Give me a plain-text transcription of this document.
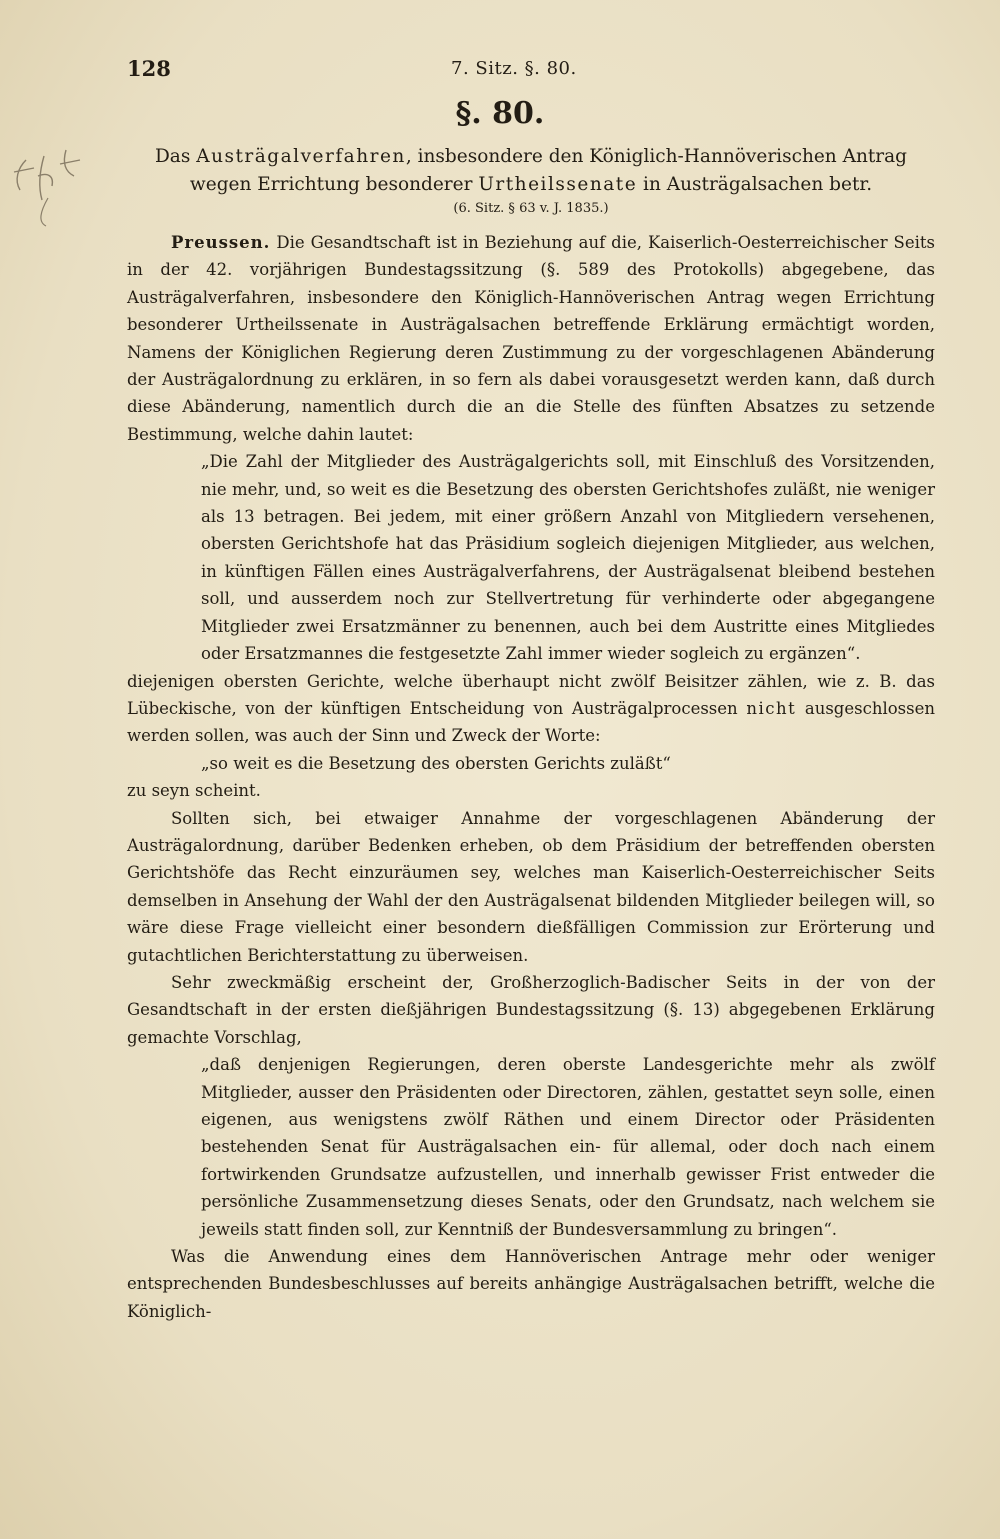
128	7. Sitz. §. 80.
§. 80.
Das Austrägalverfahren, insbesondere den Königlich-Hannöverischen Antrag wegen Errichtung besonderer Urtheilssenate in Austrägalsachen betr.
(6. Sitz. § 63 v. J. 1835.)

Preussen. Die Gesandtschaft ist in Beziehung auf die, Kaiserlich-Oesterreichischer Seits in der 42. vorjährigen Bundestagssitzung (§. 589 des Protokolls) abgegebene, das Austrägalverfahren, insbesondere den Königlich-Hannöverischen Antrag wegen Errichtung besonderer Urtheilssenate in Austrägalsachen betreffende Erklärung ermächtigt worden, Namens der Königlichen Regierung deren Zustimmung zu der vorgeschlagenen Abänderung der Austrägalordnung zu erklären, in so fern als dabei vorausgesetzt werden kann, daß durch diese Abänderung, namentlich durch die an die Stelle des fünften Absatzes zu setzende Bestimmung, welche dahin lautet:

„Die Zahl der Mitglieder des Austrägalgerichts soll, mit Einschluß des Vorsitzenden, nie mehr, und, so weit es die Besetzung des obersten Gerichtshofes zuläßt, nie weniger als 13 betragen. Bei jedem, mit einer größern Anzahl von Mitgliedern versehenen, obersten Gerichtshofe hat das Präsidium sogleich diejenigen Mitglieder, aus welchen, in künftigen Fällen eines Austrägalverfahrens, der Austrägalsenat bleibend bestehen soll, und ausserdem noch zur Stellvertretung für verhinderte oder abgegangene Mitglieder zwei Ersatzmänner zu benennen, auch bei dem Austritte eines Mitgliedes oder Ersatzmannes die festgesetzte Zahl immer wieder sogleich zu ergänzen“.

diejenigen obersten Gerichte, welche überhaupt nicht zwölf Beisitzer zählen, wie z. B. das Lübeckische, von der künftigen Entscheidung von Austrägalprocessen nicht ausgeschlossen werden sollen, was auch der Sinn und Zweck der Worte:

„so weit es die Besetzung des obersten Gerichts zuläßt“

zu seyn scheint.

Sollten sich, bei etwaiger Annahme der vorgeschlagenen Abänderung der Austrägalordnung, darüber Bedenken erheben, ob dem Präsidium der betreffenden obersten Gerichtshöfe das Recht einzuräumen sey, welches man Kaiserlich-Oesterreichischer Seits demselben in Ansehung der Wahl der den Austrägalsenat bildenden Mitglieder beilegen will, so wäre diese Frage vielleicht einer besondern dießfälligen Commission zur Erörterung und gutachtlichen Berichterstattung zu überweisen.

Sehr zweckmäßig erscheint der, Großherzoglich-Badischer Seits in der von der Gesandtschaft in der ersten dießjährigen Bundestagssitzung (§. 13) abgegebenen Erklärung gemachte Vorschlag,

„daß denjenigen Regierungen, deren oberste Landesgerichte mehr als zwölf Mitglieder, ausser den Präsidenten oder Directoren, zählen, gestattet seyn solle, einen eigenen, aus wenigstens zwölf Räthen und einem Director oder Präsidenten bestehenden Senat für Austrägalsachen ein- für allemal, oder doch nach einem fortwirkenden Grundsatze aufzustellen, und innerhalb gewisser Frist entweder die persönliche Zusammensetzung dieses Senats, oder den Grundsatz, nach welchem sie jeweils statt finden soll, zur Kenntniß der Bundesversammlung zu bringen“.

Was die Anwendung eines dem Hannöverischen Antrage mehr oder weniger entsprechenden Bundesbeschlusses auf bereits anhängige Austrägalsachen betrifft, welche die Königlich-
